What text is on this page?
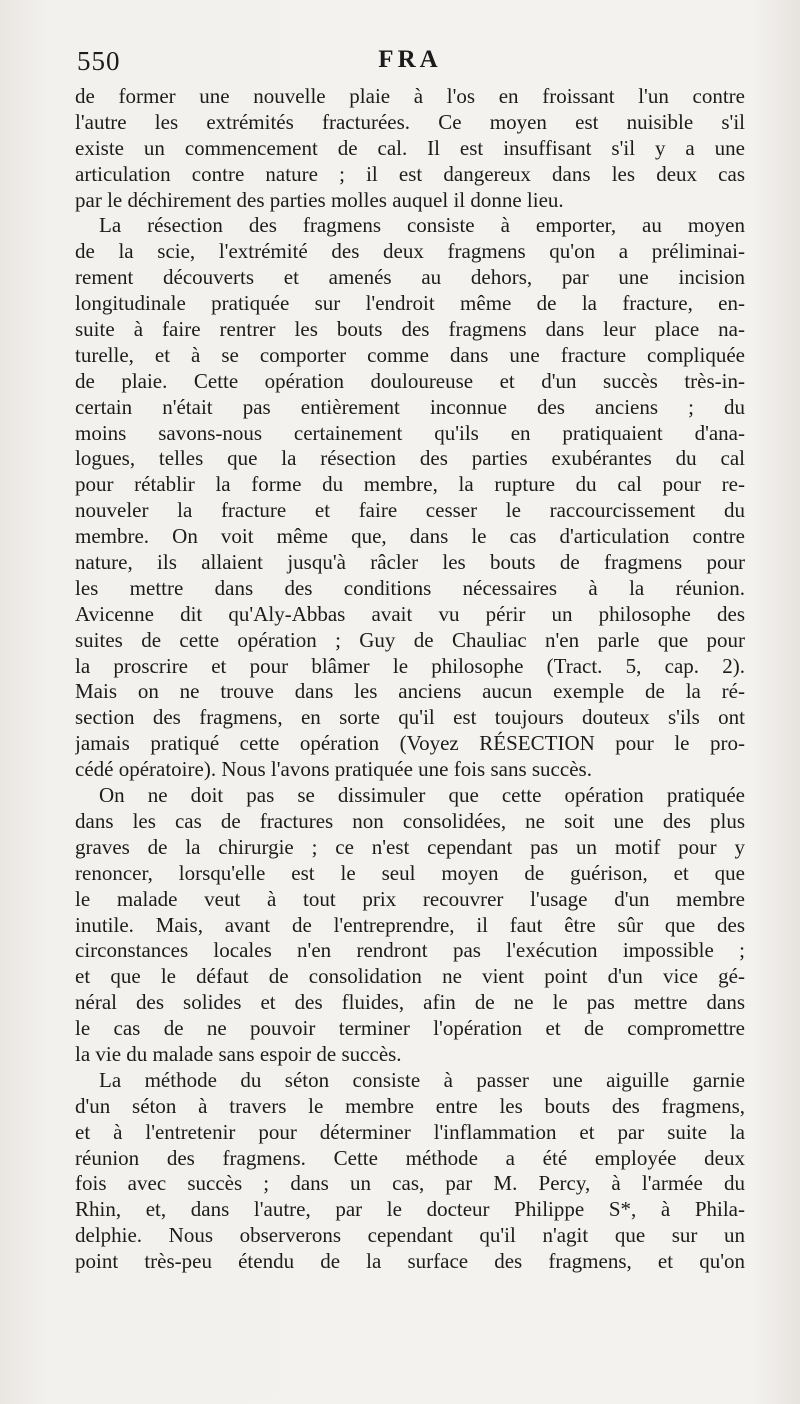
550	FRA
de former une nouvelle plaie à l'os en froissant l'un contre
l'autre les extrémités fracturées. Ce moyen est nuisible s'il
existe un commencement de cal. Il est insuffisant s'il y a une
articulation contre nature ; il est dangereux dans les deux cas
par le déchirement des parties molles auquel il donne lieu.
La résection des fragmens consiste à emporter, au moyen
de la scie, l'extrémité des deux fragmens qu'on a préliminai-
rement découverts et amenés au dehors, par une incision
longitudinale pratiquée sur l'endroit même de la fracture, en-
suite à faire rentrer les bouts des fragmens dans leur place na-
turelle, et à se comporter comme dans une fracture compliquée
de plaie. Cette opération douloureuse et d'un succès très-in-
certain n'était pas entièrement inconnue des anciens ; du
moins savons-nous certainement qu'ils en pratiquaient d'ana-
logues, telles que la résection des parties exubérantes du cal
pour rétablir la forme du membre, la rupture du cal pour re-
nouveler la fracture et faire cesser le raccourcissement du
membre. On voit même que, dans le cas d'articulation contre
nature, ils allaient jusqu'à râcler les bouts de fragmens pour
les mettre dans des conditions nécessaires à la réunion.
Avicenne dit qu'Aly-Abbas avait vu périr un philosophe des
suites de cette opération ; Guy de Chauliac n'en parle que pour
la proscrire et pour blâmer le philosophe (Tract. 5, cap. 2).
Mais on ne trouve dans les anciens aucun exemple de la ré-
section des fragmens, en sorte qu'il est toujours douteux s'ils ont
jamais pratiqué cette opération (Voyez RÉSECTION pour le pro-
cédé opératoire). Nous l'avons pratiquée une fois sans succès.
On ne doit pas se dissimuler que cette opération pratiquée
dans les cas de fractures non consolidées, ne soit une des plus
graves de la chirurgie ; ce n'est cependant pas un motif pour y
renoncer, lorsqu'elle est le seul moyen de guérison, et que
le malade veut à tout prix recouvrer l'usage d'un membre
inutile. Mais, avant de l'entreprendre, il faut être sûr que des
circonstances locales n'en rendront pas l'exécution impossible ;
et que le défaut de consolidation ne vient point d'un vice gé-
néral des solides et des fluides, afin de ne le pas mettre dans
le cas de ne pouvoir terminer l'opération et de compromettre
la vie du malade sans espoir de succès.
La méthode du séton consiste à passer une aiguille garnie
d'un séton à travers le membre entre les bouts des fragmens,
et à l'entretenir pour déterminer l'inflammation et par suite la
réunion des fragmens. Cette méthode a été employée deux
fois avec succès ; dans un cas, par M. Percy, à l'armée du
Rhin, et, dans l'autre, par le docteur Philippe S*, à Phila-
delphie. Nous observerons cependant qu'il n'agit que sur un
point très-peu étendu de la surface des fragmens, et qu'on
